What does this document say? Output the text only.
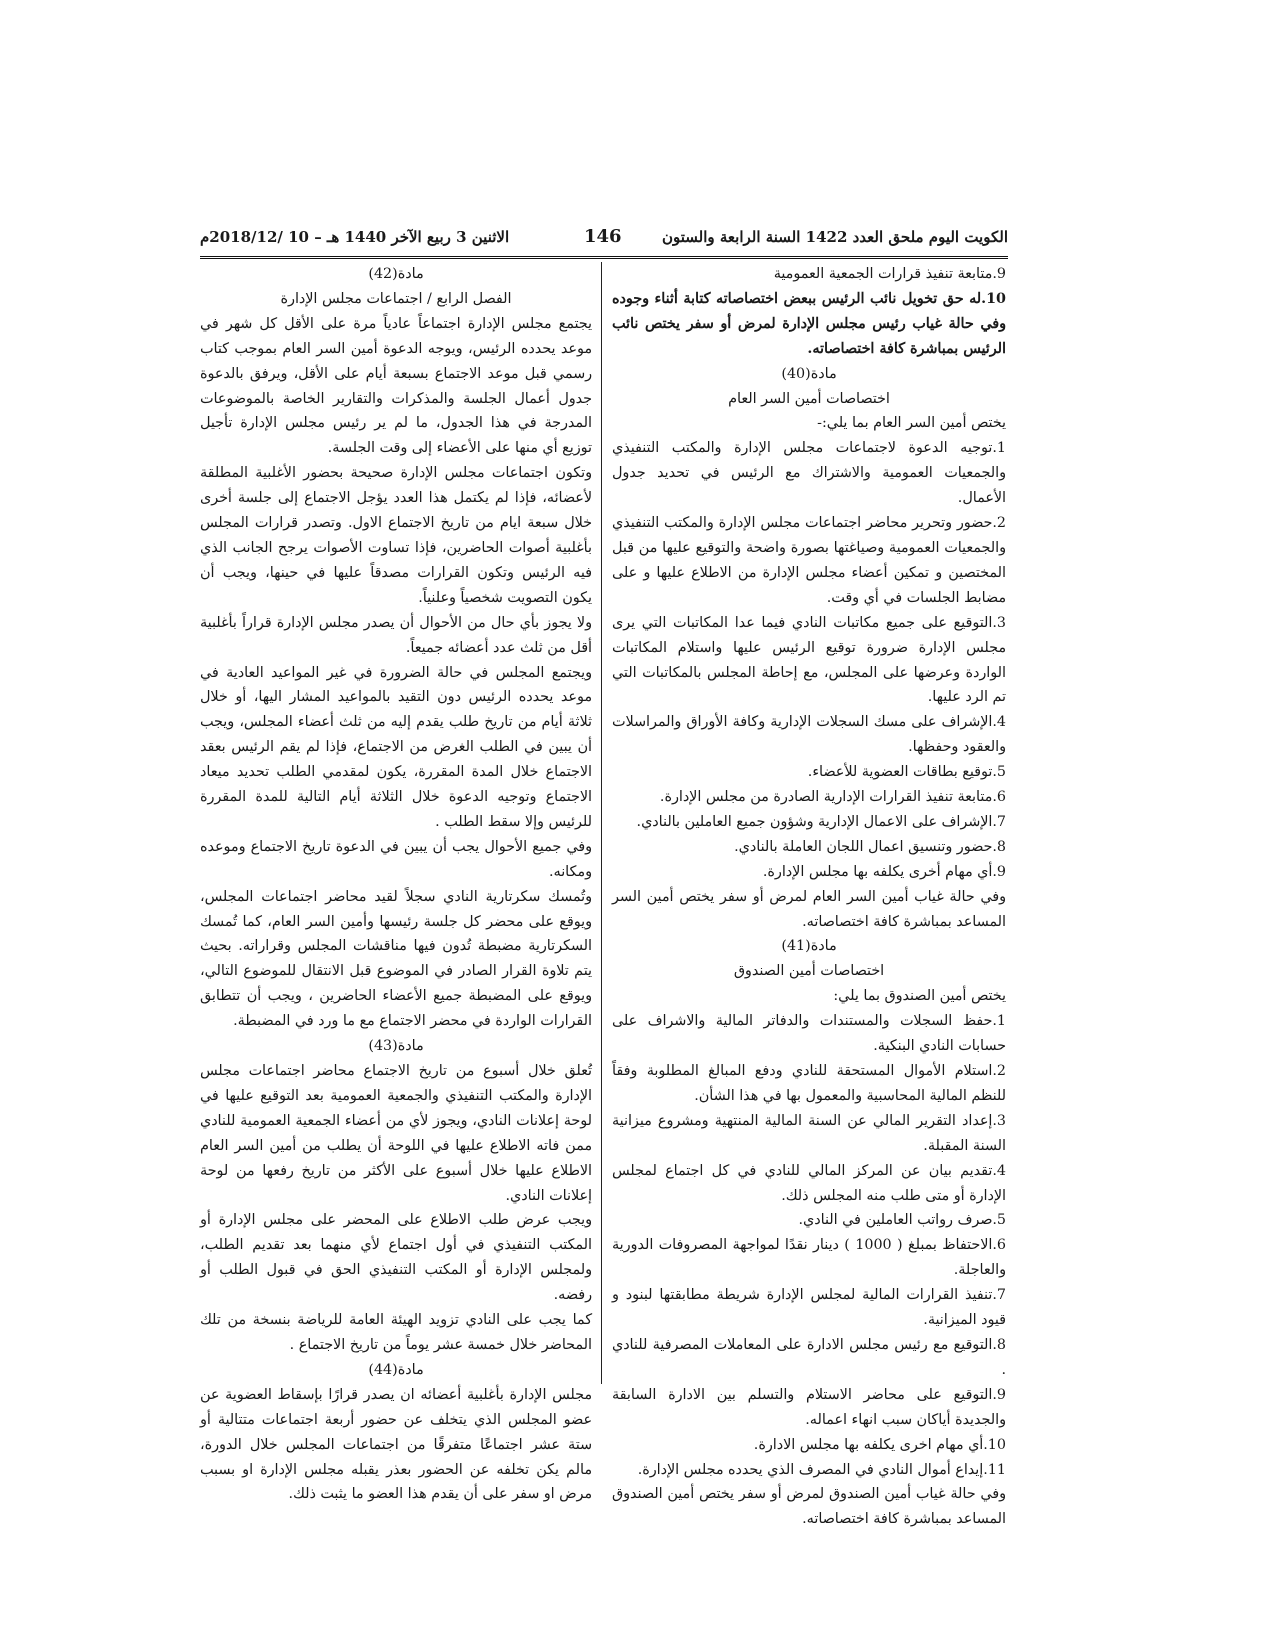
الكويت اليوم ملحق العدد 1422 السنة الرابعة والستون
146
الاثنين 3 ربيع الآخر 1440 هـ – 10 /2018/12م

9.متابعة تنفيذ قرارات الجمعية العمومية

10.له حق تخويل نائب الرئيس ببعض اختصاصاته كتابة أثناء وجوده وفي حالة غياب رئيس مجلس الإدارة لمرض أو سفر يختص نائب الرئيس بمباشرة كافة اختصاصاته.

مادة(40)

اختصاصات أمين السر العام

يختص أمين السر العام بما يلي:-

1.توجيه الدعوة لاجتماعات مجلس الإدارة والمكتب التنفيذي والجمعيات العمومية والاشتراك مع الرئيس في تحديد جدول الأعمال.

2.حضور وتحرير محاضر اجتماعات مجلس الإدارة والمكتب التنفيذي والجمعيات العمومية وصياغتها بصورة واضحة والتوقيع عليها من قبل المختصين و تمكين أعضاء مجلس الإدارة من الاطلاع عليها و على مضابط الجلسات في أي وقت.

3.التوقيع على جميع مكاتبات النادي فيما عدا المكاتبات التي يرى مجلس الإدارة ضرورة توقيع الرئيس عليها واستلام المكاتبات الواردة وعرضها على المجلس، مع إحاطة المجلس بالمكاتبات التي تم الرد عليها.

4.الإشراف على مسك السجلات الإدارية وكافة الأوراق والمراسلات والعقود وحفظها.

5.توقيع بطاقات العضوية للأعضاء.

6.متابعة تنفيذ القرارات الإدارية الصادرة من مجلس الإدارة.

7.الإشراف على الاعمال الإدارية وشؤون جميع العاملين بالنادي.

8.حضور وتنسيق اعمال اللجان العاملة بالنادي.

9.أي مهام أخرى يكلفه بها مجلس الإدارة.

وفي حالة غياب أمين السر العام لمرض أو سفر يختص أمين السر المساعد بمباشرة كافة اختصاصاته.

مادة(41)

اختصاصات أمين الصندوق

يختص أمين الصندوق بما يلي:

1.حفظ السجلات والمستندات والدفاتر المالية والاشراف على حسابات النادي البنكية.

2.استلام الأموال المستحقة للنادي ودفع المبالغ المطلوبة وفقاً للنظم المالية المحاسبية والمعمول بها في هذا الشأن.

3.إعداد التقرير المالي عن السنة المالية المنتهية ومشروع ميزانية السنة المقبلة.

4.تقديم بيان عن المركز المالي للنادي في كل اجتماع لمجلس الإدارة أو متى طلب منه المجلس ذلك.

5.صرف رواتب العاملين في النادي.

6.الاحتفاظ بمبلغ ( 1000 ) دينار نقدًا لمواجهة المصروفات الدورية والعاجلة.

7.تنفيذ القرارات المالية لمجلس الإدارة شريطة مطابقتها لبنود و قيود الميزانية.

8.التوقيع مع رئيس مجلس الادارة على المعاملات المصرفية للنادي .

9.التوقيع على محاضر الاستلام والتسلم بين الادارة السابقة والجديدة أياكان سبب انهاء اعماله.

10.أي مهام اخرى يكلفه بها مجلس الادارة.

11.إيداع أموال النادي في المصرف الذي يحدده مجلس الإدارة.

وفي حالة غياب أمين الصندوق لمرض أو سفر يختص أمين الصندوق المساعد بمباشرة كافة اختصاصاته.

مادة(42)

الفصل الرابع / اجتماعات مجلس الإدارة

يجتمع مجلس الإدارة اجتماعاً عادياً مرة على الأقل كل شهر في موعد يحدده الرئيس، ويوجه الدعوة أمين السر العام بموجب كتاب رسمي قبل موعد الاجتماع بسبعة أيام على الأقل، ويرفق بالدعوة جدول أعمال الجلسة والمذكرات والتقارير الخاصة بالموضوعات المدرجة في هذا الجدول، ما لم ير رئيس مجلس الإدارة تأجيل توزيع أي منها على الأعضاء إلى وقت الجلسة.

وتكون اجتماعات مجلس الإدارة صحيحة بحضور الأغلبية المطلقة لأعضائه، فإذا لم يكتمل هذا العدد يؤجل الاجتماع إلى جلسة أخرى خلال سبعة ايام من تاريخ الاجتماع الاول. وتصدر قرارات المجلس بأغلبية أصوات الحاضرين، فإذا تساوت الأصوات يرجح الجانب الذي فيه الرئيس وتكون القرارات مصدقاً عليها في حينها، ويجب أن يكون التصويت شخصياً وعلنياً.

ولا يجوز بأي حال من الأحوال أن يصدر مجلس الإدارة قراراً بأغلبية أقل من ثلث عدد أعضائه جميعاً.

ويجتمع المجلس في حالة الضرورة في غير المواعيد العادية في موعد يحدده الرئيس دون التقيد بالمواعيد المشار اليها، أو خلال ثلاثة أيام من تاريخ طلب يقدم إليه من ثلث أعضاء المجلس، ويجب أن يبين في الطلب الغرض من الاجتماع، فإذا لم يقم الرئيس بعقد الاجتماع خلال المدة المقررة، يكون لمقدمي الطلب تحديد ميعاد الاجتماع وتوجيه الدعوة خلال الثلاثة أيام التالية للمدة المقررة للرئيس وإلا سقط الطلب .

وفي جميع الأحوال يجب أن يبين في الدعوة تاريخ الاجتماع وموعده ومكانه.

وتُمسك سكرتارية النادي سجلاً لقيد محاضر اجتماعات المجلس، ويوقع على محضر كل جلسة رئيسها وأمين السر العام، كما تُمسك السكرتارية مضبطة تُدون فيها مناقشات المجلس وقراراته. بحيث يتم تلاوة القرار الصادر في الموضوع قبل الانتقال للموضوع التالي، ويوقع على المضبطة جميع الأعضاء الحاضرين ، ويجب أن تتطابق القرارات الواردة في محضر الاجتماع مع ما ورد في المضبطة.

مادة(43)

تُعلق خلال أسبوع من تاريخ الاجتماع محاضر اجتماعات مجلس الإدارة والمكتب التنفيذي والجمعية العمومية بعد التوقيع عليها في لوحة إعلانات النادي، ويجوز لأي من أعضاء الجمعية العمومية للنادي ممن فاته الاطلاع عليها في اللوحة أن يطلب من أمين السر العام الاطلاع عليها خلال أسبوع على الأكثر من تاريخ رفعها من لوحة إعلانات النادي.

ويجب عرض طلب الاطلاع على المحضر على مجلس الإدارة أو المكتب التنفيذي في أول اجتماع لأي منهما بعد تقديم الطلب، ولمجلس الإدارة أو المكتب التنفيذي الحق في قبول الطلب أو رفضه.

كما يجب على النادي تزويد الهيئة العامة للرياضة بنسخة من تلك المحاضر خلال خمسة عشر يوماً من تاريخ الاجتماع .

مادة(44)

مجلس الإدارة بأغلبية أعضائه ان يصدر قرارًا بإسقاط العضوية عن عضو المجلس الذي يتخلف عن حضور أربعة اجتماعات متتالية أو ستة عشر اجتماعًا متفرقًا من اجتماعات المجلس خلال الدورة، مالم يكن تخلفه عن الحضور بعذر يقبله مجلس الإدارة او بسبب مرض او سفر على أن يقدم هذا العضو ما يثبت ذلك.
